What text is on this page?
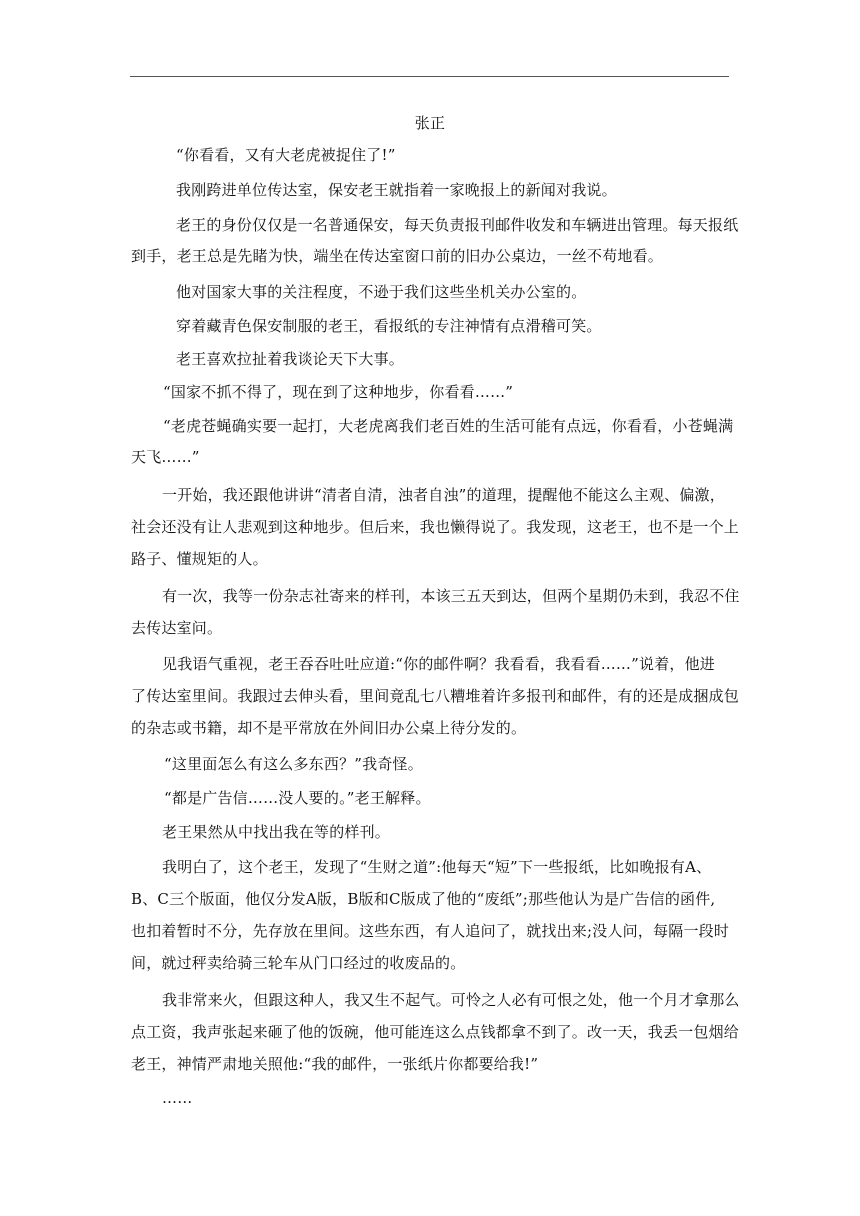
张正
“你看看，又有大老虎被捉住了!”
我刚跨进单位传达室，保安老王就指着一家晚报上的新闻对我说。
老王的身份仅仅是一名普通保安，每天负责报刊邮件收发和车辆进出管理。每天报纸
到手，老王总是先睹为快，端坐在传达室窗口前的旧办公桌边，一丝不苟地看。
他对国家大事的关注程度，不逊于我们这些坐机关办公室的。
穿着藏青色保安制服的老王，看报纸的专注神情有点滑稽可笑。
老王喜欢拉扯着我谈论天下大事。
“国家不抓不得了，现在到了这种地步，你看看……”
“老虎苍蝇确实要一起打，大老虎离我们老百姓的生活可能有点远，你看看，小苍蝇满
天飞……”
一开始，我还跟他讲讲“清者自清，浊者自浊”的道理，提醒他不能这么主观、偏激，
社会还没有让人悲观到这种地步。但后来，我也懒得说了。我发现，这老王，也不是一个上
路子、懂规矩的人。
有一次，我等一份杂志社寄来的样刊，本该三五天到达，但两个星期仍未到，我忍不住
去传达室问。
见我语气重视，老王吞吞吐吐应道:“你的邮件啊？我看看，我看看……”说着，他进
了传达室里间。我跟过去伸头看，里间竟乱七八糟堆着许多报刊和邮件，有的还是成捆成包
的杂志或书籍，却不是平常放在外间旧办公桌上待分发的。
“这里面怎么有这么多东西？”我奇怪。
“都是广告信……没人要的。”老王解释。
老王果然从中找出我在等的样刊。
我明白了，这个老王，发现了“生财之道”:他每天“短”下一些报纸，比如晚报有A、
B、C三个版面，他仅分发A版，B版和C版成了他的“废纸”;那些他认为是广告信的函件,
也扣着暂时不分，先存放在里间。这些东西，有人追问了，就找出来;没人问，每隔一段时
间，就过秤卖给骑三轮车从门口经过的收废品的。
我非常来火，但跟这种人，我又生不起气。可怜之人必有可恨之处，他一个月才拿那么
点工资，我声张起来砸了他的饭碗，他可能连这么点钱都拿不到了。改一天，我丢一包烟给
老王，神情严肃地关照他:“我的邮件，一张纸片你都要给我!”
……
